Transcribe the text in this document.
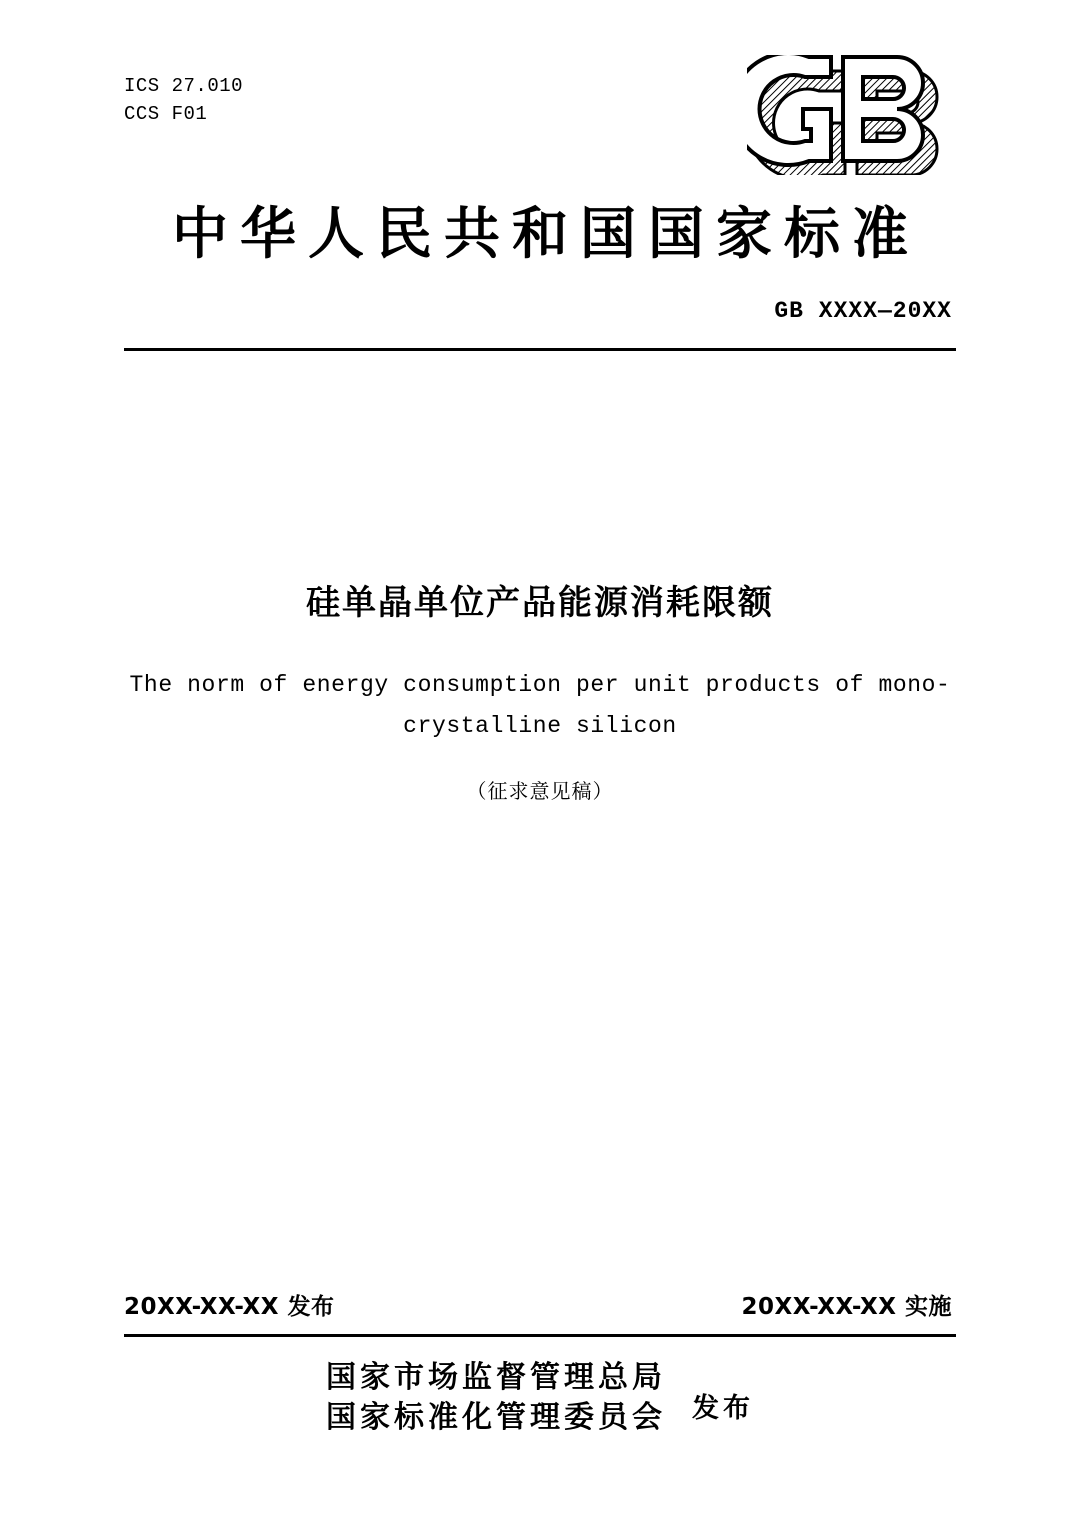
ICS 27.010
CCS F01
中华人民共和国国家标准
GB XXXX—20XX
硅单晶单位产品能源消耗限额
The norm of energy consumption per unit products of mono-crystalline silicon
（征求意见稿）
20XX-XX-XX 发布	20XX-XX-XX 实施
国家市场监督管理总局
国家标准化管理委员会 发布
